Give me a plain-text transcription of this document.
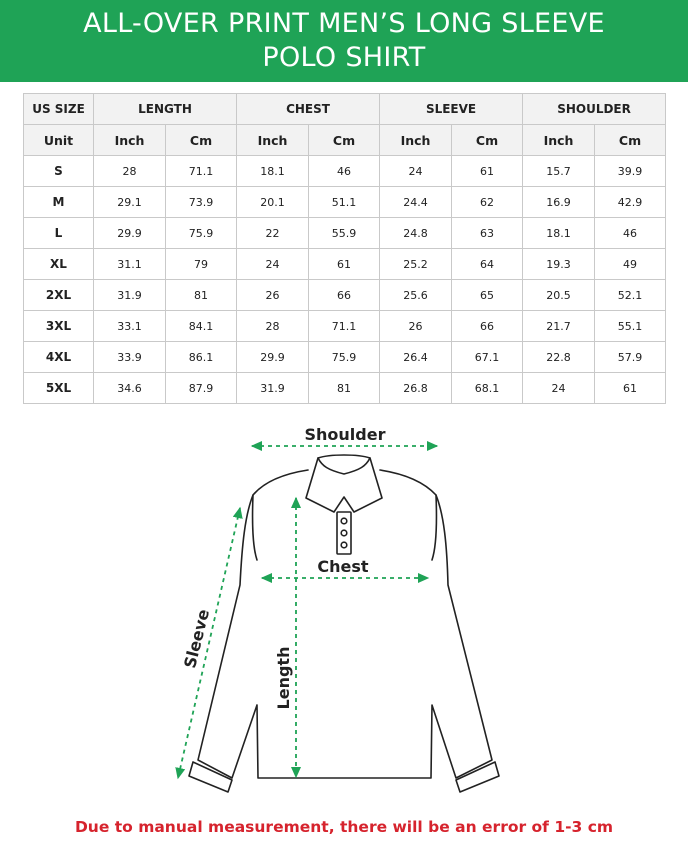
ALL-OVER PRINT MEN’S LONG SLEEVE
POLO SHIRT
US SIZE	LENGTH		CHEST		SLEEVE		SHOULDER	
Unit	Inch	Cm	Inch	Cm	Inch	Cm	Inch	Cm
S	28	71.1	18.1	46	24	61	15.7	39.9
M	29.1	73.9	20.1	51.1	24.4	62	16.9	42.9
L	29.9	75.9	22	55.9	24.8	63	18.1	46
XL	31.1	79	24	61	25.2	64	19.3	49
2XL	31.9	81	26	66	25.6	65	20.5	52.1
3XL	33.1	84.1	28	71.1	26	66	21.7	55.1
4XL	33.9	86.1	29.9	75.9	26.4	67.1	22.8	57.9
5XL	34.6	87.9	31.9	81	26.8	68.1	24	61
Shoulder
Chest
Length
Sleeve
Due to manual measurement, there will be an error of 1-3 cm
